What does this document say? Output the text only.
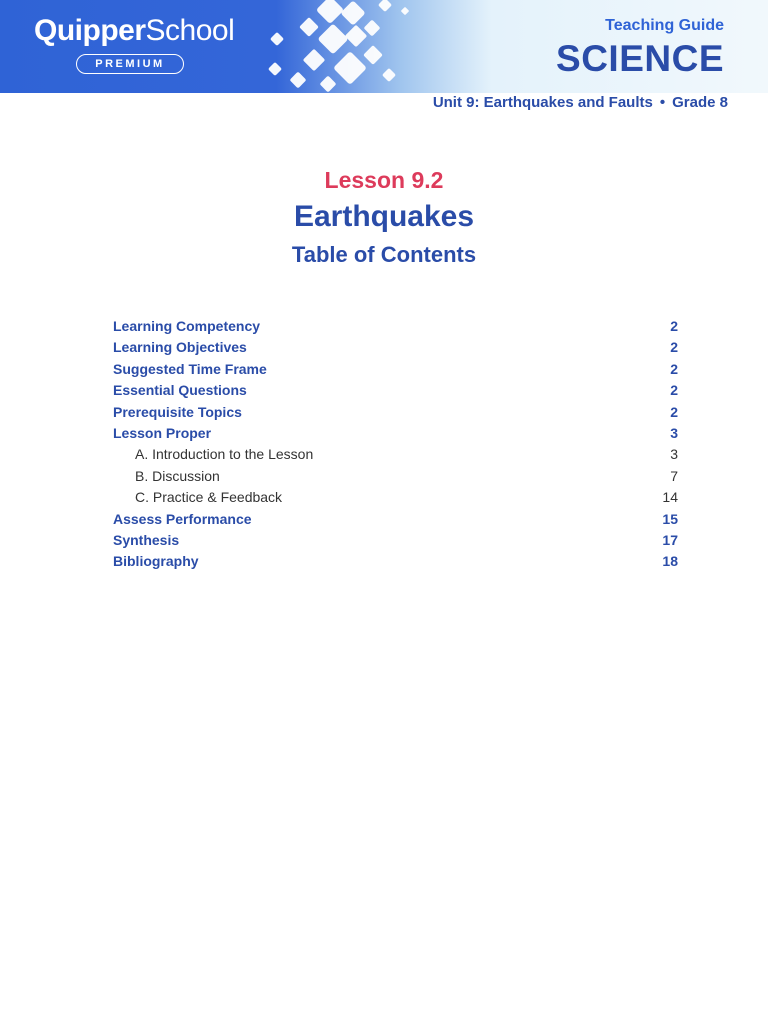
QuipperSchool
PREMIUM
Teaching Guide
SCIENCE
Unit 9: Earthquakes and Faults • Grade 8
Lesson 9.2
Earthquakes
Table of Contents
Learning Competency	2
Learning Objectives	2
Suggested Time Frame	2
Essential Questions	2
Prerequisite Topics	2
Lesson Proper	3
A. Introduction to the Lesson	3
B. Discussion	7
C. Practice & Feedback	14
Assess Performance	15
Synthesis	17
Bibliography	18
